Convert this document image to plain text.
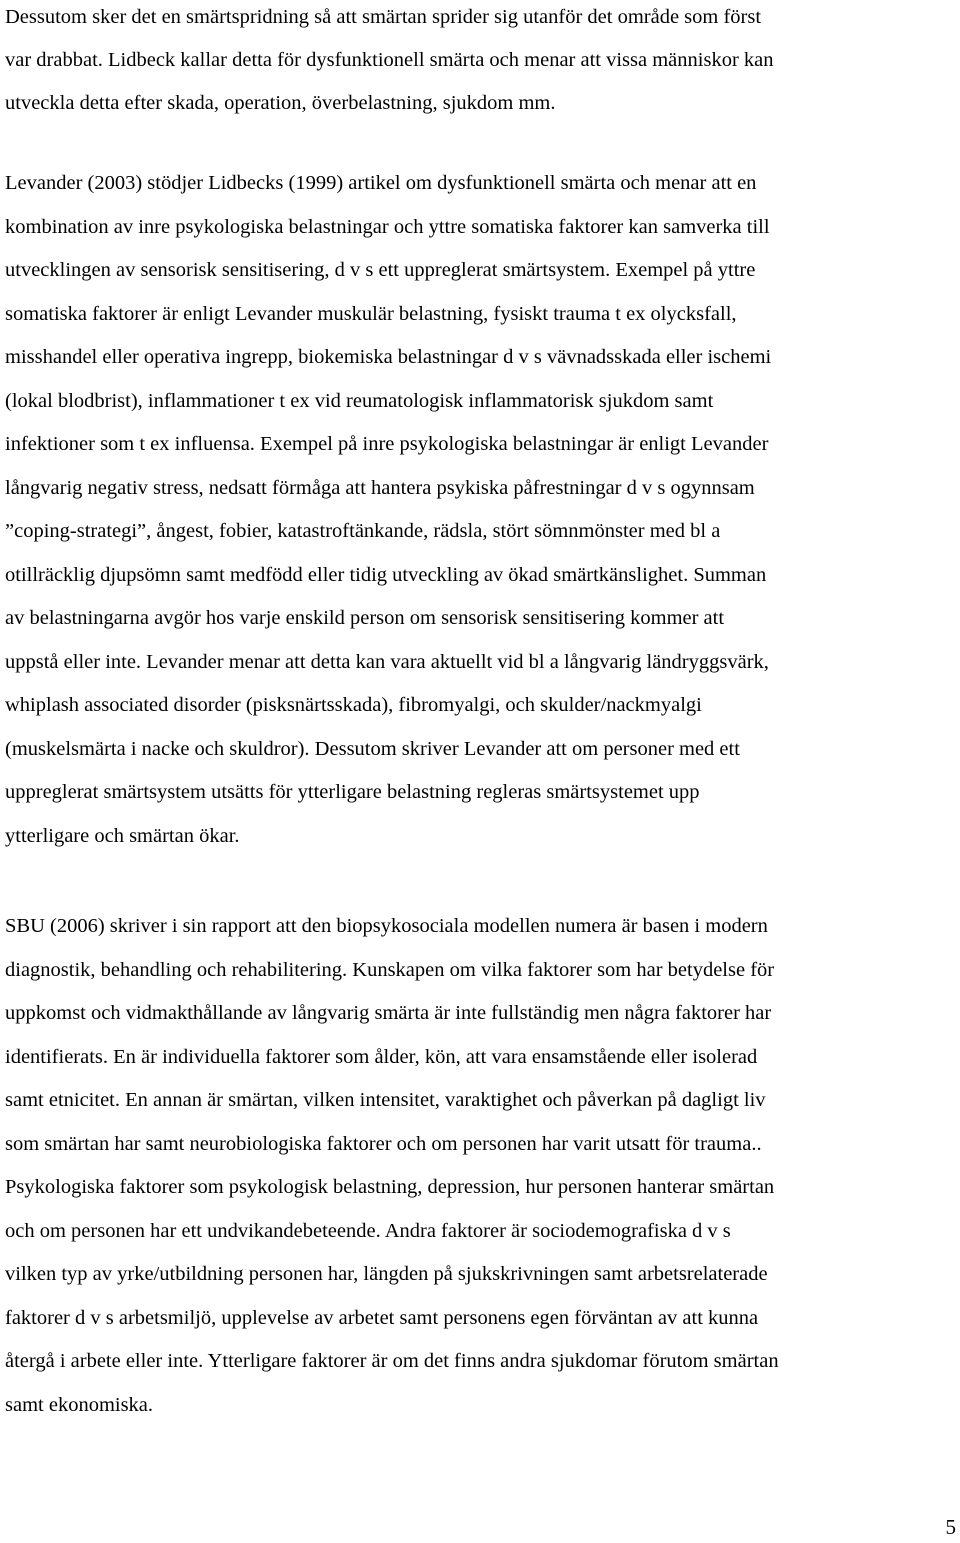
Dessutom sker det en smärtspridning så att smärtan sprider sig utanför det område som först
var drabbat. Lidbeck kallar detta för dysfunktionell smärta och menar att vissa människor kan
utveckla detta efter skada, operation, överbelastning, sjukdom mm.
Levander (2003) stödjer Lidbecks (1999) artikel om dysfunktionell smärta och menar att en
kombination av inre psykologiska belastningar och yttre somatiska faktorer kan samverka till
utvecklingen av sensorisk sensitisering, d v s ett uppreglerat smärtsystem. Exempel på yttre
somatiska faktorer är enligt Levander muskulär belastning, fysiskt trauma t ex olycksfall,
misshandel eller operativa ingrepp, biokemiska belastningar d v s vävnadsskada eller ischemi
(lokal blodbrist), inflammationer t ex vid reumatologisk inflammatorisk sjukdom samt
infektioner som t ex influensa. Exempel på inre psykologiska belastningar är enligt Levander
långvarig negativ stress, nedsatt förmåga att hantera psykiska påfrestningar d v s ogynnsam
”coping-strategi”, ångest, fobier, katastroftänkande, rädsla, stört sömnmönster med bl a
otillräcklig djupsömn samt medfödd eller tidig utveckling av ökad smärtkänslighet. Summan
av belastningarna avgör hos varje enskild person om sensorisk sensitisering kommer att
uppstå eller inte. Levander menar att detta kan vara aktuellt vid bl a långvarig ländryggsvärk,
whiplash associated disorder (pisksnärtsskada), fibromyalgi, och skulder/nackmyalgi
(muskelsmärta i nacke och skuldror). Dessutom skriver Levander att om personer med ett
uppreglerat smärtsystem utsätts för ytterligare belastning regleras smärtsystemet upp
ytterligare och smärtan ökar.
SBU (2006) skriver i sin rapport att den biopsykosociala modellen numera är basen i modern
diagnostik, behandling och rehabilitering. Kunskapen om vilka faktorer som har betydelse för
uppkomst och vidmakthållande av långvarig smärta är inte fullständig men några faktorer har
identifierats. En är individuella faktorer som ålder, kön, att vara ensamstående eller isolerad
samt etnicitet. En annan är smärtan, vilken intensitet, varaktighet och påverkan på dagligt liv
som smärtan har samt neurobiologiska faktorer och om personen har varit utsatt för trauma..
Psykologiska faktorer som psykologisk belastning, depression, hur personen hanterar smärtan
och om personen har ett undvikandebeteende. Andra faktorer är sociodemografiska d v s
vilken typ av yrke/utbildning personen har, längden på sjukskrivningen samt arbetsrelaterade
faktorer d v s arbetsmiljö, upplevelse av arbetet samt personens egen förväntan av att kunna
återgå i arbete eller inte. Ytterligare faktorer är om det finns andra sjukdomar förutom smärtan
samt ekonomiska.
5
